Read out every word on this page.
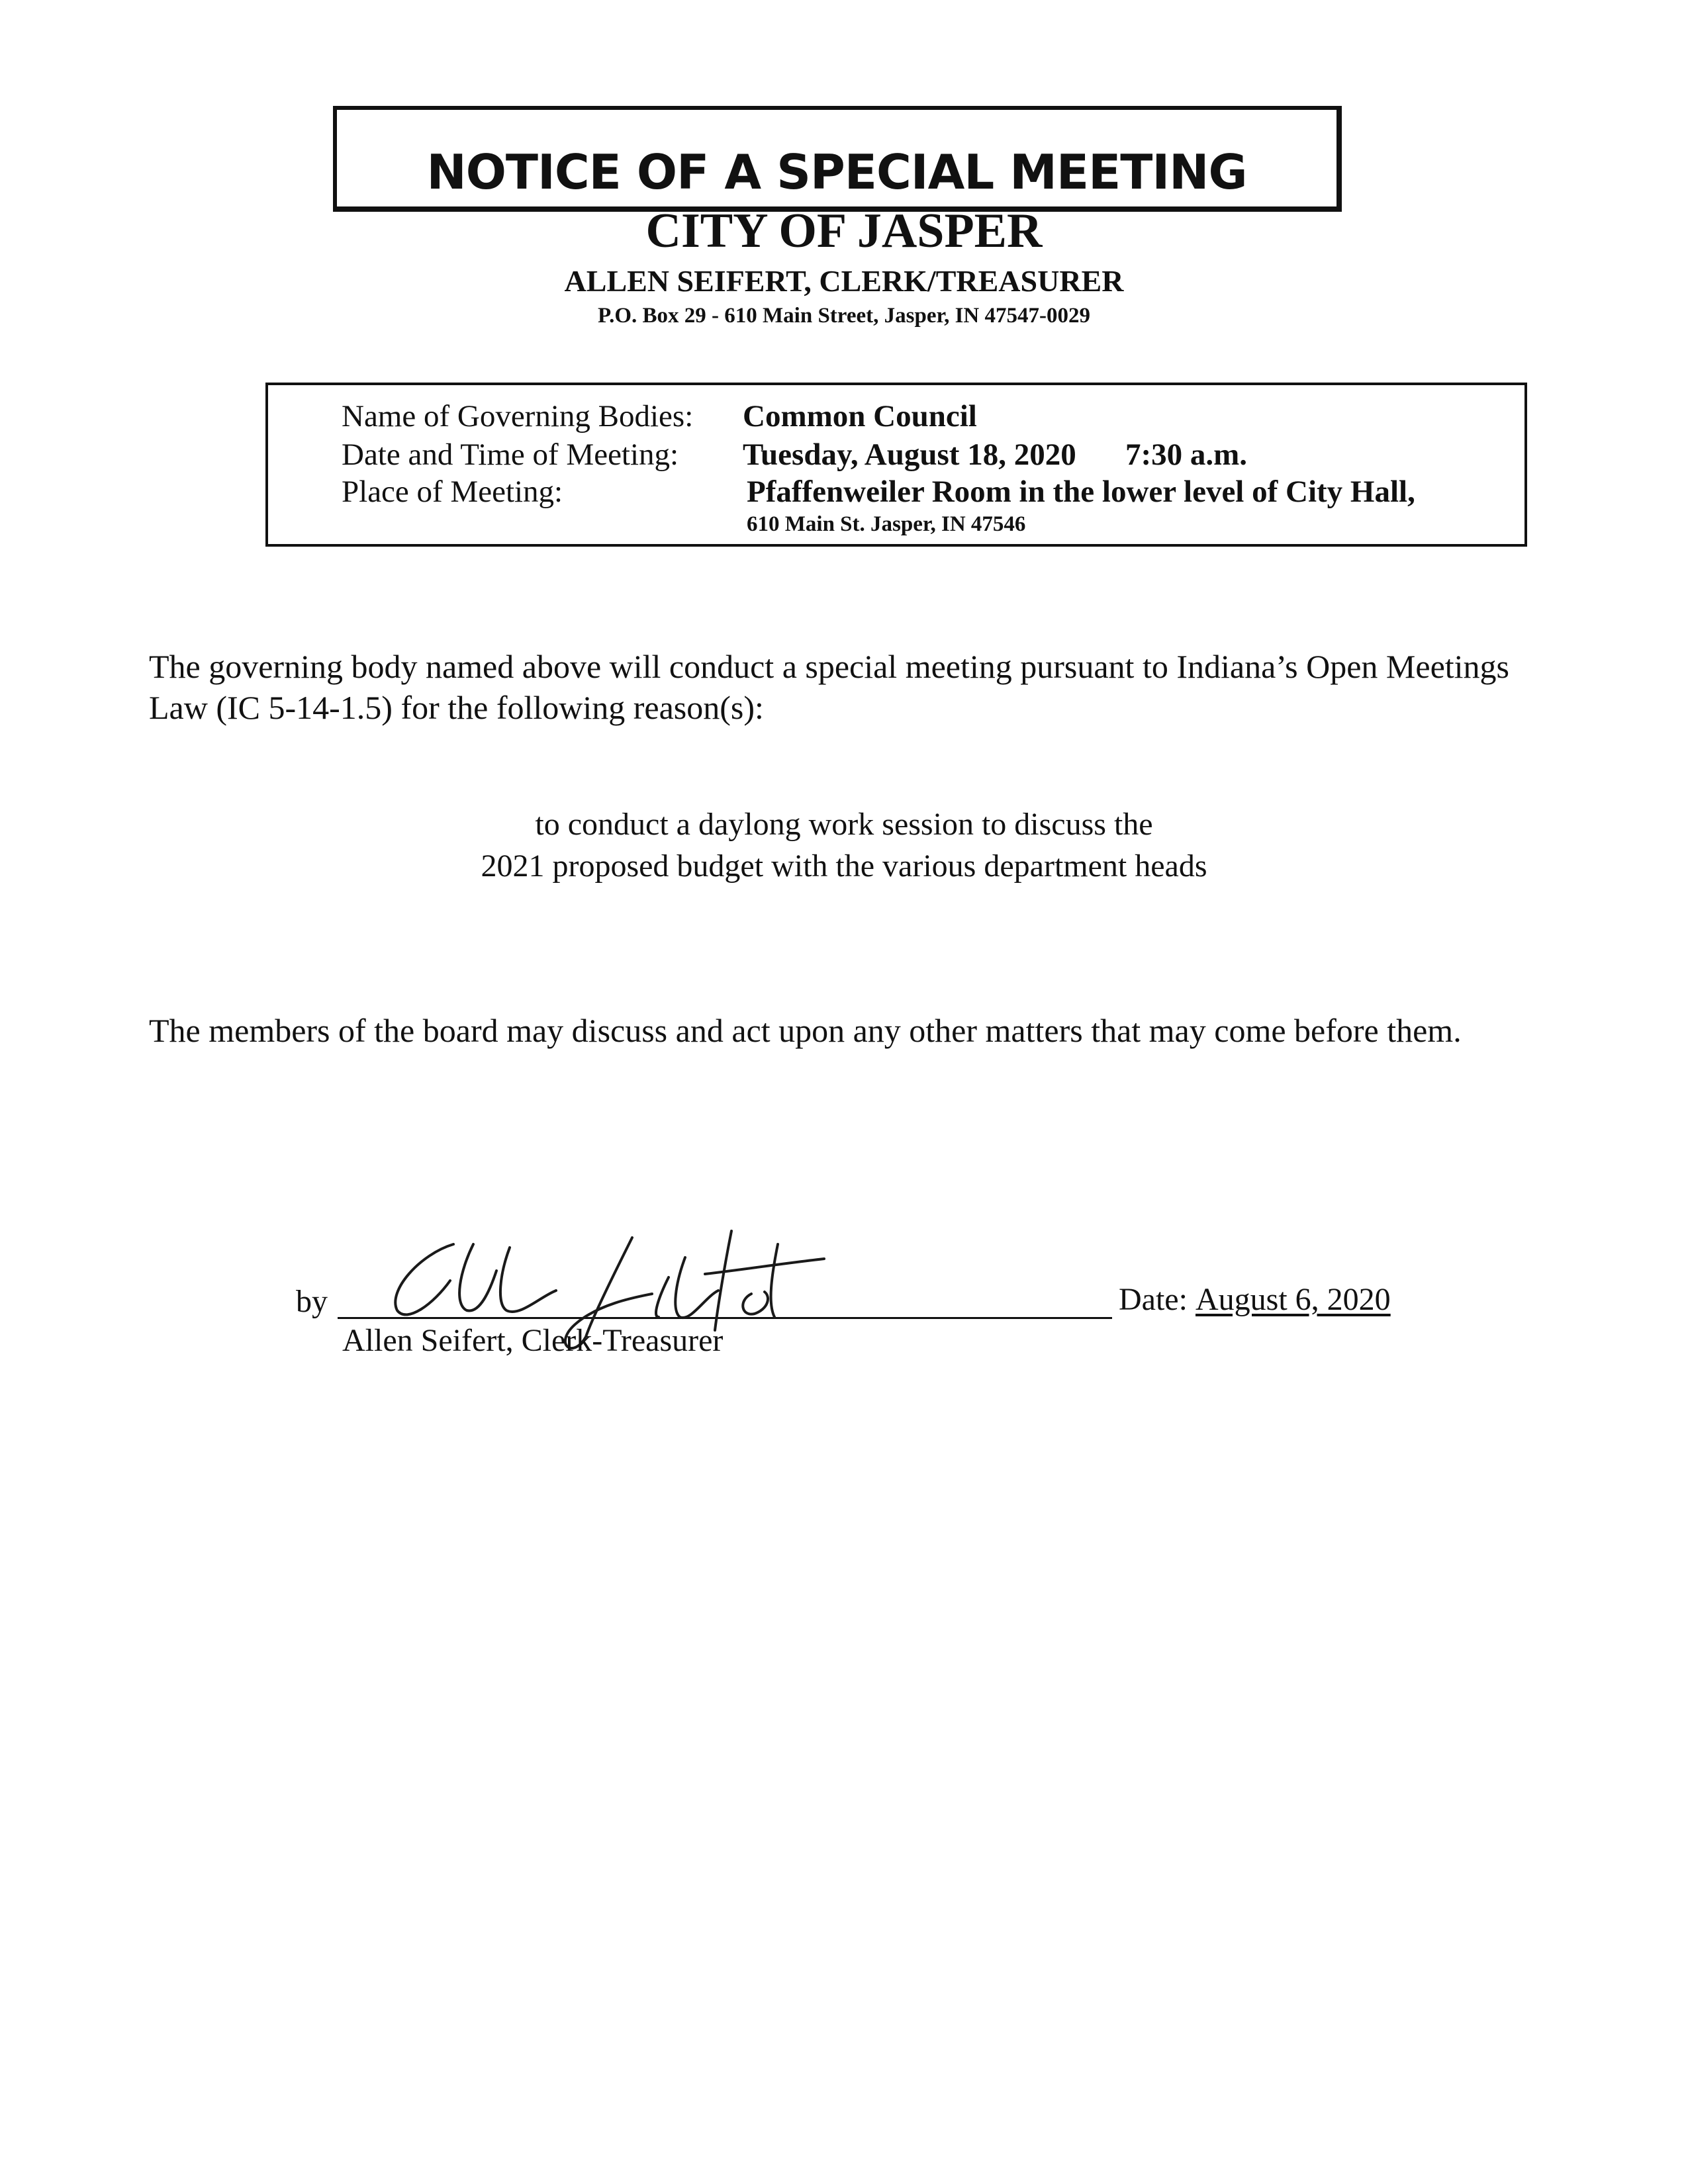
NOTICE OF A SPECIAL MEETING
CITY OF JASPER
ALLEN SEIFERT, CLERK/TREASURER
P.O. Box 29 - 610 Main Street, Jasper, IN 47547-0029
Name of Governing Bodies: Common Council
Date and Time of Meeting: Tuesday, August 18, 2020 7:30 a.m.
Place of Meeting:	Pfaffenweiler Room in the lower level of City Hall,
610 Main St. Jasper, IN 47546
The governing body named above will conduct a special meeting pursuant to Indiana’s Open Meetings Law (IC 5-14-1.5) for the following reason(s):
to conduct a daylong work session to discuss the
2021 proposed budget with the various department heads
The members of the board may discuss and act upon any other matters that may come before them.
by
Allen Seifert, Clerk-Treasurer
Date: August 6, 2020
